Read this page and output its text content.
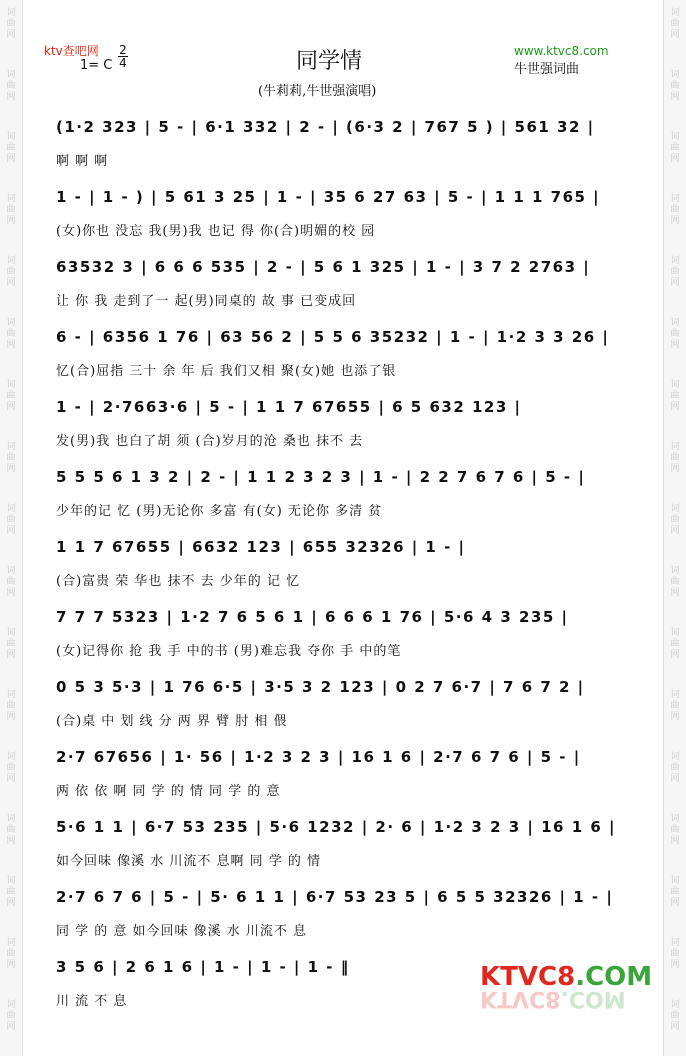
ktv查吧网
1= C $\frac{2}{4}$	同学情
(牛莉莉,牛世强演唱)
www.ktvc8.com
牛世强词曲
词
曲
网
词
曲
网
词
曲
网
词
曲
网
词
曲
网
词
曲
网
词
曲
网
词
曲
网
词
曲
网
词
曲
网
词
曲
网
词
曲
网
词
曲
网
词
曲
网
词
曲
网
词
曲
网
词
曲
网
词
曲
网
词
曲
网
词
曲
网
词
曲
网
词
曲
网
词
曲
网
词
曲
网
词
曲
网
词
曲
网
词
曲
网
词
曲
网
词
曲
网
词
曲
网
词
曲
网
词
曲
网
词
曲
网
词
曲
网
(1·2 323 | 5 - | 6·1 332 | 2 - | (6·3 2 | 767 5 ) | 561 32 |
啊 啊 啊
1 - | 1 - ) | 5 61 3 25 | 1 - | 35 6 27 63 | 5 - | 1 1 1 765 |
(女)你也 没忘 我(男)我 也记 得 你(合)明媚的校 园
63532 3 | 6 6 6 535 | 2 - | 5 6 1 325 | 1 - | 3 7 2 2763 |
让 你 我 走到了一 起(男)同桌的 故 事 已变成回
6 - | 6356 1 76 | 63 56 2 | 5 5 6 35232 | 1 - | 1·2 3 3 26 |
忆(合)屈指 三十 余 年 后 我们又相 聚(女)她 也添了银
1 - | 2·7663·6 | 5 - | 1 1 7 67655 | 6 5 632 123 |
发(男)我 也白了胡 须 (合)岁月的沧 桑也 抹不 去
5 5 5 6 1 3 2 | 2 - | 1 1 2 3 2 3 | 1 - | 2 2 7 6 7 6 | 5 - |
少年的记 忆 (男)无论你 多富 有(女) 无论你 多清 贫
1 1 7 67655 | 6632 123 | 655 32326 | 1 - |
(合)富贵 荣 华也 抹不 去 少年的 记 忆
7 7 7 5323 | 1·2 7 6 5 6 1 | 6 6 6 1 76 | 5·6 4 3 235 |
(女)记得你 抢 我 手 中的书 (男)难忘我 夺你 手 中的笔
0 5 3 5·3 | 1 76 6·5 | 3·5 3 2 123 | 0 2 7 6·7 | 7 6 7 2 |
(合)桌 中 划 线 分 两 界 臂 肘 相 偎
2·7 67656 | 1· 56 | 1·2 3 2 3 | 16 1 6 | 2·7 6 7 6 | 5 - |
两 依 依 啊 同 学 的 情 同 学 的 意
5·6 1 1 | 6·7 53 235 | 5·6 1232 | 2· 6 | 1·2 3 2 3 | 16 1 6 |
如今回味 像溪 水 川流不 息啊 同 学 的 情
2·7 6 7 6 | 5 - | 5· 6 1 1 | 6·7 53 23 5 | 6 5 5 32326 | 1 - |
同 学 的 意 如今回味 像溪 水 川流不 息
3 5 6 | 2 6 1 6 | 1 - | 1 - | 1 - ‖
川 流 不 息
KTVC8.COM
KTVC8.COM
